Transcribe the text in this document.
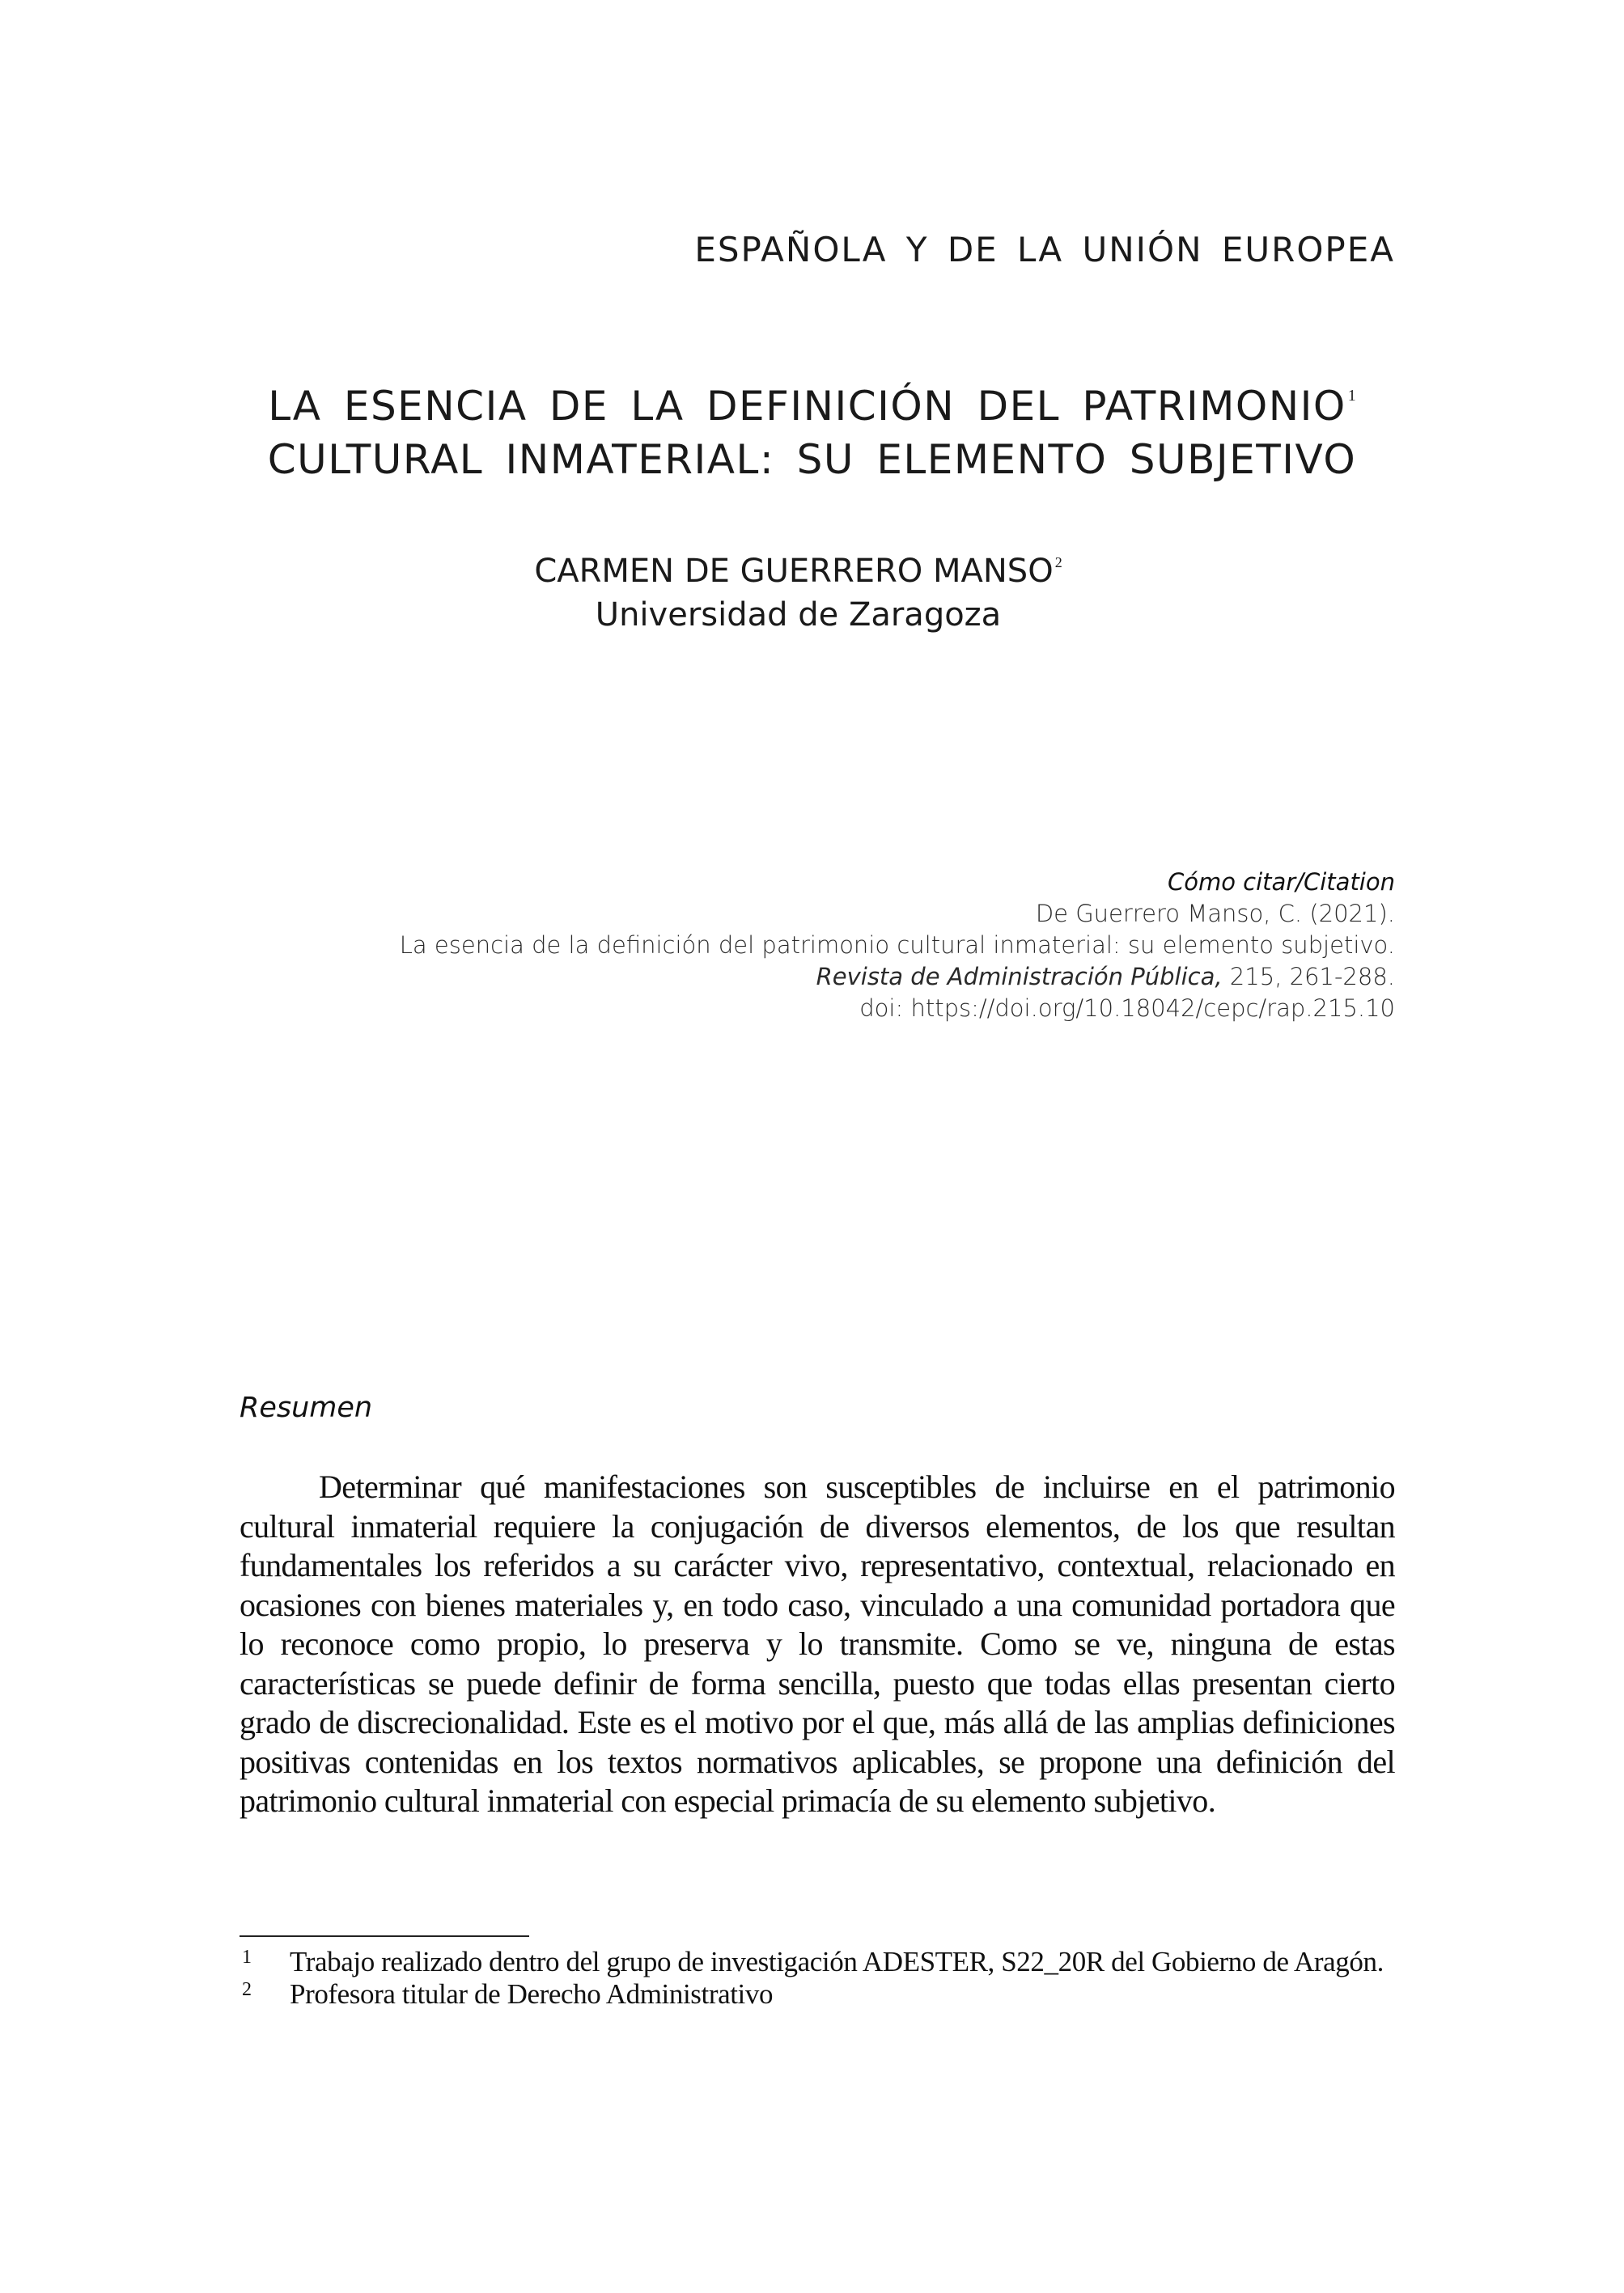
ESPAÑOLA Y DE LA UNIÓN EUROPEA
LA ESENCIA DE LA DEFINICIÓN DEL PATRIMONIO $^1$
CULTURAL INMATERIAL: SU ELEMENTO SUBJETIVO
CARMEN DE GUERRERO MANSO $^2$
Universidad de Zaragoza
Cómo citar/Citation
De Guerrero Manso, C. (2021).
La esencia de la definición del patrimonio cultural inmaterial: su elemento subjetivo.
Revista de Administración Pública, 215, 261-288.
doi: https://doi.org/10.18042/cepc/rap.215.10
Resumen

Determinar qué manifestaciones son susceptibles de incluirse en el patrimonio cultural inmaterial requiere la conjugación de diversos elementos, de los que resultan fundamentales los referidos a su carácter vivo, representativo, contextual, relacionado en ocasiones con bienes materiales y, en todo caso, vinculado a una comunidad portadora que lo reconoce como propio, lo preserva y lo transmite. Como se ve, ninguna de estas características se puede definir de forma sencilla, puesto que todas ellas presentan cierto grado de discrecionalidad. Este es el motivo por el que, más allá de las amplias definiciones positivas contenidas en los textos normativos aplicables, se propone una definición del patrimonio cultural inmaterial con especial primacía de su elemento subjetivo.

1 Trabajo realizado dentro del grupo de investigación ADESTER, S22_20R del Gobierno de Aragón.
2 Profesora titular de Derecho Administrativo
